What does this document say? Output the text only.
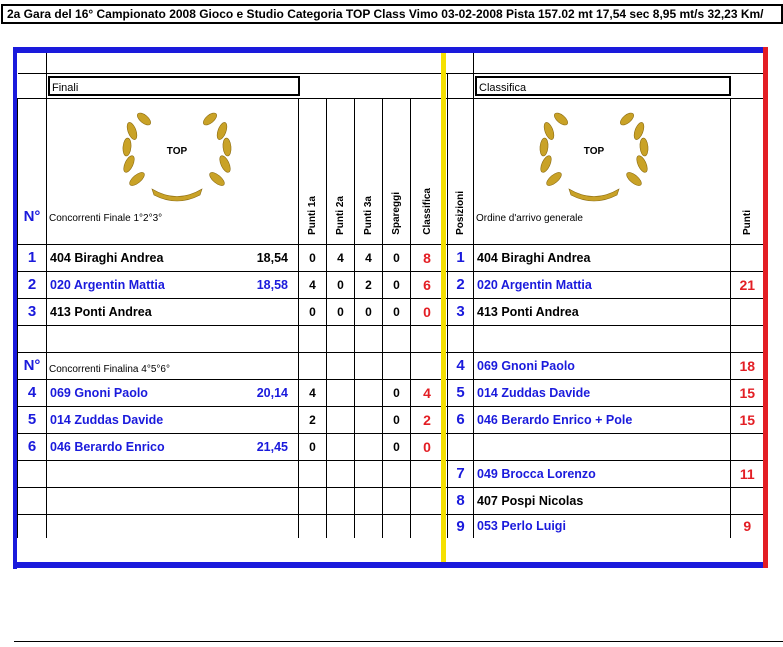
2a Gara del 16° Campionato 2008 Gioco e Studio Categoria TOP Class Vimo 03-02-2008 Pista 157.02 mt 17,54 sec 8,95 mt/s 32,23 Km/

	Finali								Classifica	

N°	TOP
Concorrenti Finale 1°2°3°	Punti 1a	Punti 2a	Punti 3a	Spareggi	Classifica		Posizioni	TOP
Ordine d'arrivo generale	Punti
1	404 Biraghi Andrea 18,54	0	4	4	0	8		1	404 Biraghi Andrea	
2	020 Argentin Mattia 18,58	4	0	2	0	6		2	020 Argentin Mattia	21
3	413 Ponti Andrea	0	0	0	0	0		3	413 Ponti Andrea	

N°	Concorrenti Finalina 4°5°6°							4	069 Gnoni Paolo	18
4	069 Gnoni Paolo 20,14	4			0	4		5	014 Zuddas Davide	15
5	014 Zuddas Davide	2			0	2		6	046 Berardo Enrico + Pole	15
6	046 Berardo Enrico 21,45	0			0	0				
								7	049 Brocca Lorenzo	11
								8	407 Pospi Nicolas	
								9	053 Perlo Luigi	9
